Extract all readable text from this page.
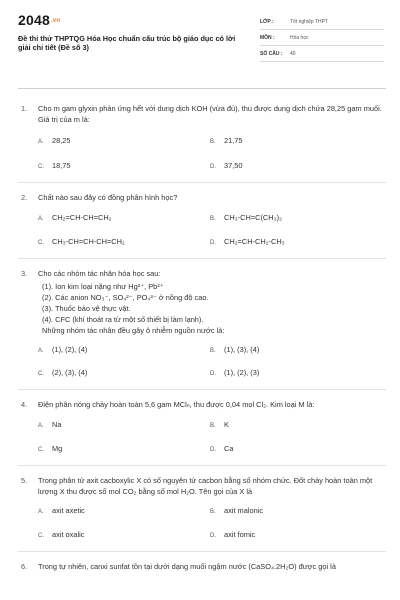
2048.vn
Đề thi thử THPTQG Hóa Học chuẩn cấu trúc bộ giáo dục có lời giải chi tiết (Đề số 3)
LỚP :	Tốt nghiệp THPT
MÔN :	Hóa học
SỐ CÂU :	40
1. Cho m gam glyxin phản ứng hết với dung dịch KOH (vừa đủ), thu được dung dịch chứa 28,25 gam muối. Giá trị của m là:

A.	28,25	B.	21,75
C.	18,75	D.	37,50
2. Chất nào sau đây có đồng phân hình học?

A.	CH₂=CH-CH=CH₂	B.	CH₃-CH=C(CH₃)₂
C.	CH₃-CH=CH-CH=CH₂	D.	CH₂=CH-CH₂-CH₃
3. Cho các nhóm tác nhân hóa học sau:

(1). Ion kim loại nặng như Hg²⁺, Pb²⁺

(2). Các anion NO₃⁻, SO₄²⁻, PO₄³⁻ ở nồng độ cao.

(3). Thuốc bảo vệ thực vật.

(4). CFC (khí thoát ra từ một số thiết bị làm lạnh).

Những nhóm tác nhân đều gây ô nhiễm nguồn nước là:

A.	(1), (2), (4)	B.	(1), (3), (4)
C.	(2), (3), (4)	D.	(1), (2), (3)
4. Điện phân nóng chảy hoàn toàn 5,6 gam MClₙ, thu được 0,04 mol Cl₂. Kim loại M là:

A.	Na	B.	K
C.	Mg	D.	Ca
5. Trong phân tử axit cacboxylic X có số nguyên tử cacbon bằng số nhóm chức. Đốt cháy hoàn toàn một lượng X thu được số mol CO₂ bằng số mol H₂O. Tên gọi của X là

A.	axit axetic	B.	axit malonic
C.	axit oxalic	D.	axit fomic
6. Trong tự nhiên, canxi sunfat tồn tại dưới dạng muối ngậm nước (CaSO₄.2H₂O) được gọi là
